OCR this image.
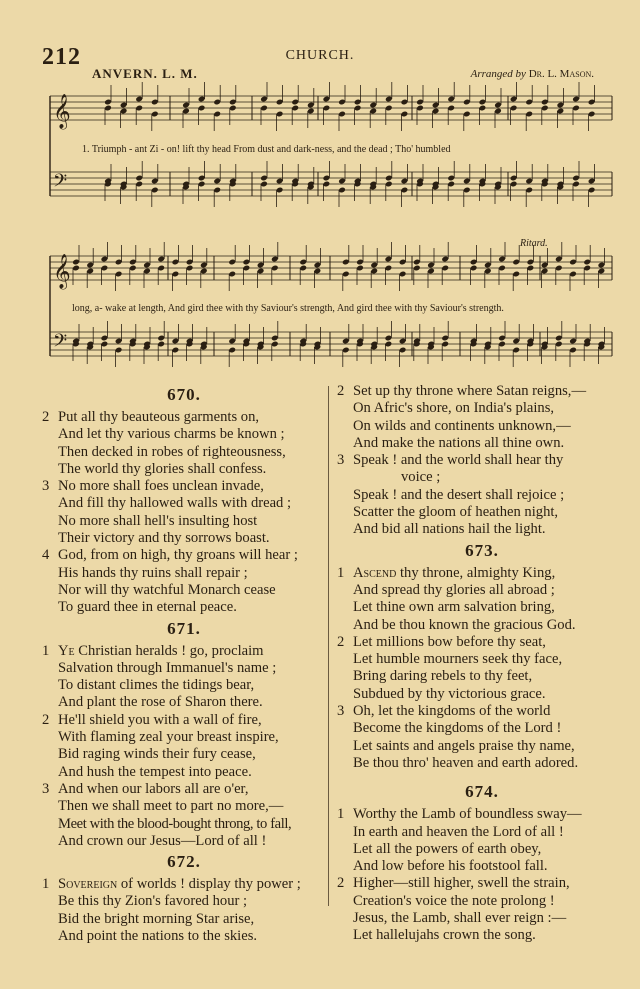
212	CHURCH.
ANVERN. L. M.	Arranged by Dr. L. Mason.
𝄞
𝄢
𝄞
𝄢
1. Triumph - ant Zi - on! lift thy head From dust and dark-ness, and the dead ; Tho' humbled
long, a- wake at length, And gird thee with thy Saviour's strength, And gird thee with thy Saviour's strength.
Ritard.
670.
2 Put all thy beauteous garments on,
And let thy various charms be known ;
Then decked in robes of righteousness,
The world thy glories shall confess.
3 No more shall foes unclean invade,
And fill thy hallowed walls with dread ;
No more shall hell's insulting host
Their victory and thy sorrows boast.
4 God, from on high, thy groans will hear ;
His hands thy ruins shall repair ;
Nor will thy watchful Monarch cease
To guard thee in eternal peace.
671.
1 Ye Christian heralds ! go, proclaim
Salvation through Immanuel's name ;
To distant climes the tidings bear,
And plant the rose of Sharon there.
2 He'll shield you with a wall of fire,
With flaming zeal your breast inspire,
Bid raging winds their fury cease,
And hush the tempest into peace.
3 And when our labors all are o'er,
Then we shall meet to part no more,—
Meet with the blood-bought throng, to fall,
And crown our Jesus—Lord of all !
672.
1 Sovereign of worlds ! display thy power ;
Be this thy Zion's favored hour ;
Bid the bright morning Star arise,
And point the nations to the skies.
2 Set up thy throne where Satan reigns,—
On Afric's shore, on India's plains,
On wilds and continents unknown,—
And make the nations all thine own.
3 Speak ! and the world shall hear thy
voice ;
Speak ! and the desert shall rejoice ;
Scatter the gloom of heathen night,
And bid all nations hail the light.
673.
1 Ascend thy throne, almighty King,
And spread thy glories all abroad ;
Let thine own arm salvation bring,
And be thou known the gracious God.
2 Let millions bow before thy seat,
Let humble mourners seek thy face,
Bring daring rebels to thy feet,
Subdued by thy victorious grace.
3 Oh, let the kingdoms of the world
Become the kingdoms of the Lord !
Let saints and angels praise thy name,
Be thou thro' heaven and earth adored.
674.
1 Worthy the Lamb of boundless sway—
In earth and heaven the Lord of all !
Let all the powers of earth obey,
And low before his footstool fall.
2 Higher—still higher, swell the strain,
Creation's voice the note prolong !
Jesus, the Lamb, shall ever reign :—
Let hallelujahs crown the song.
